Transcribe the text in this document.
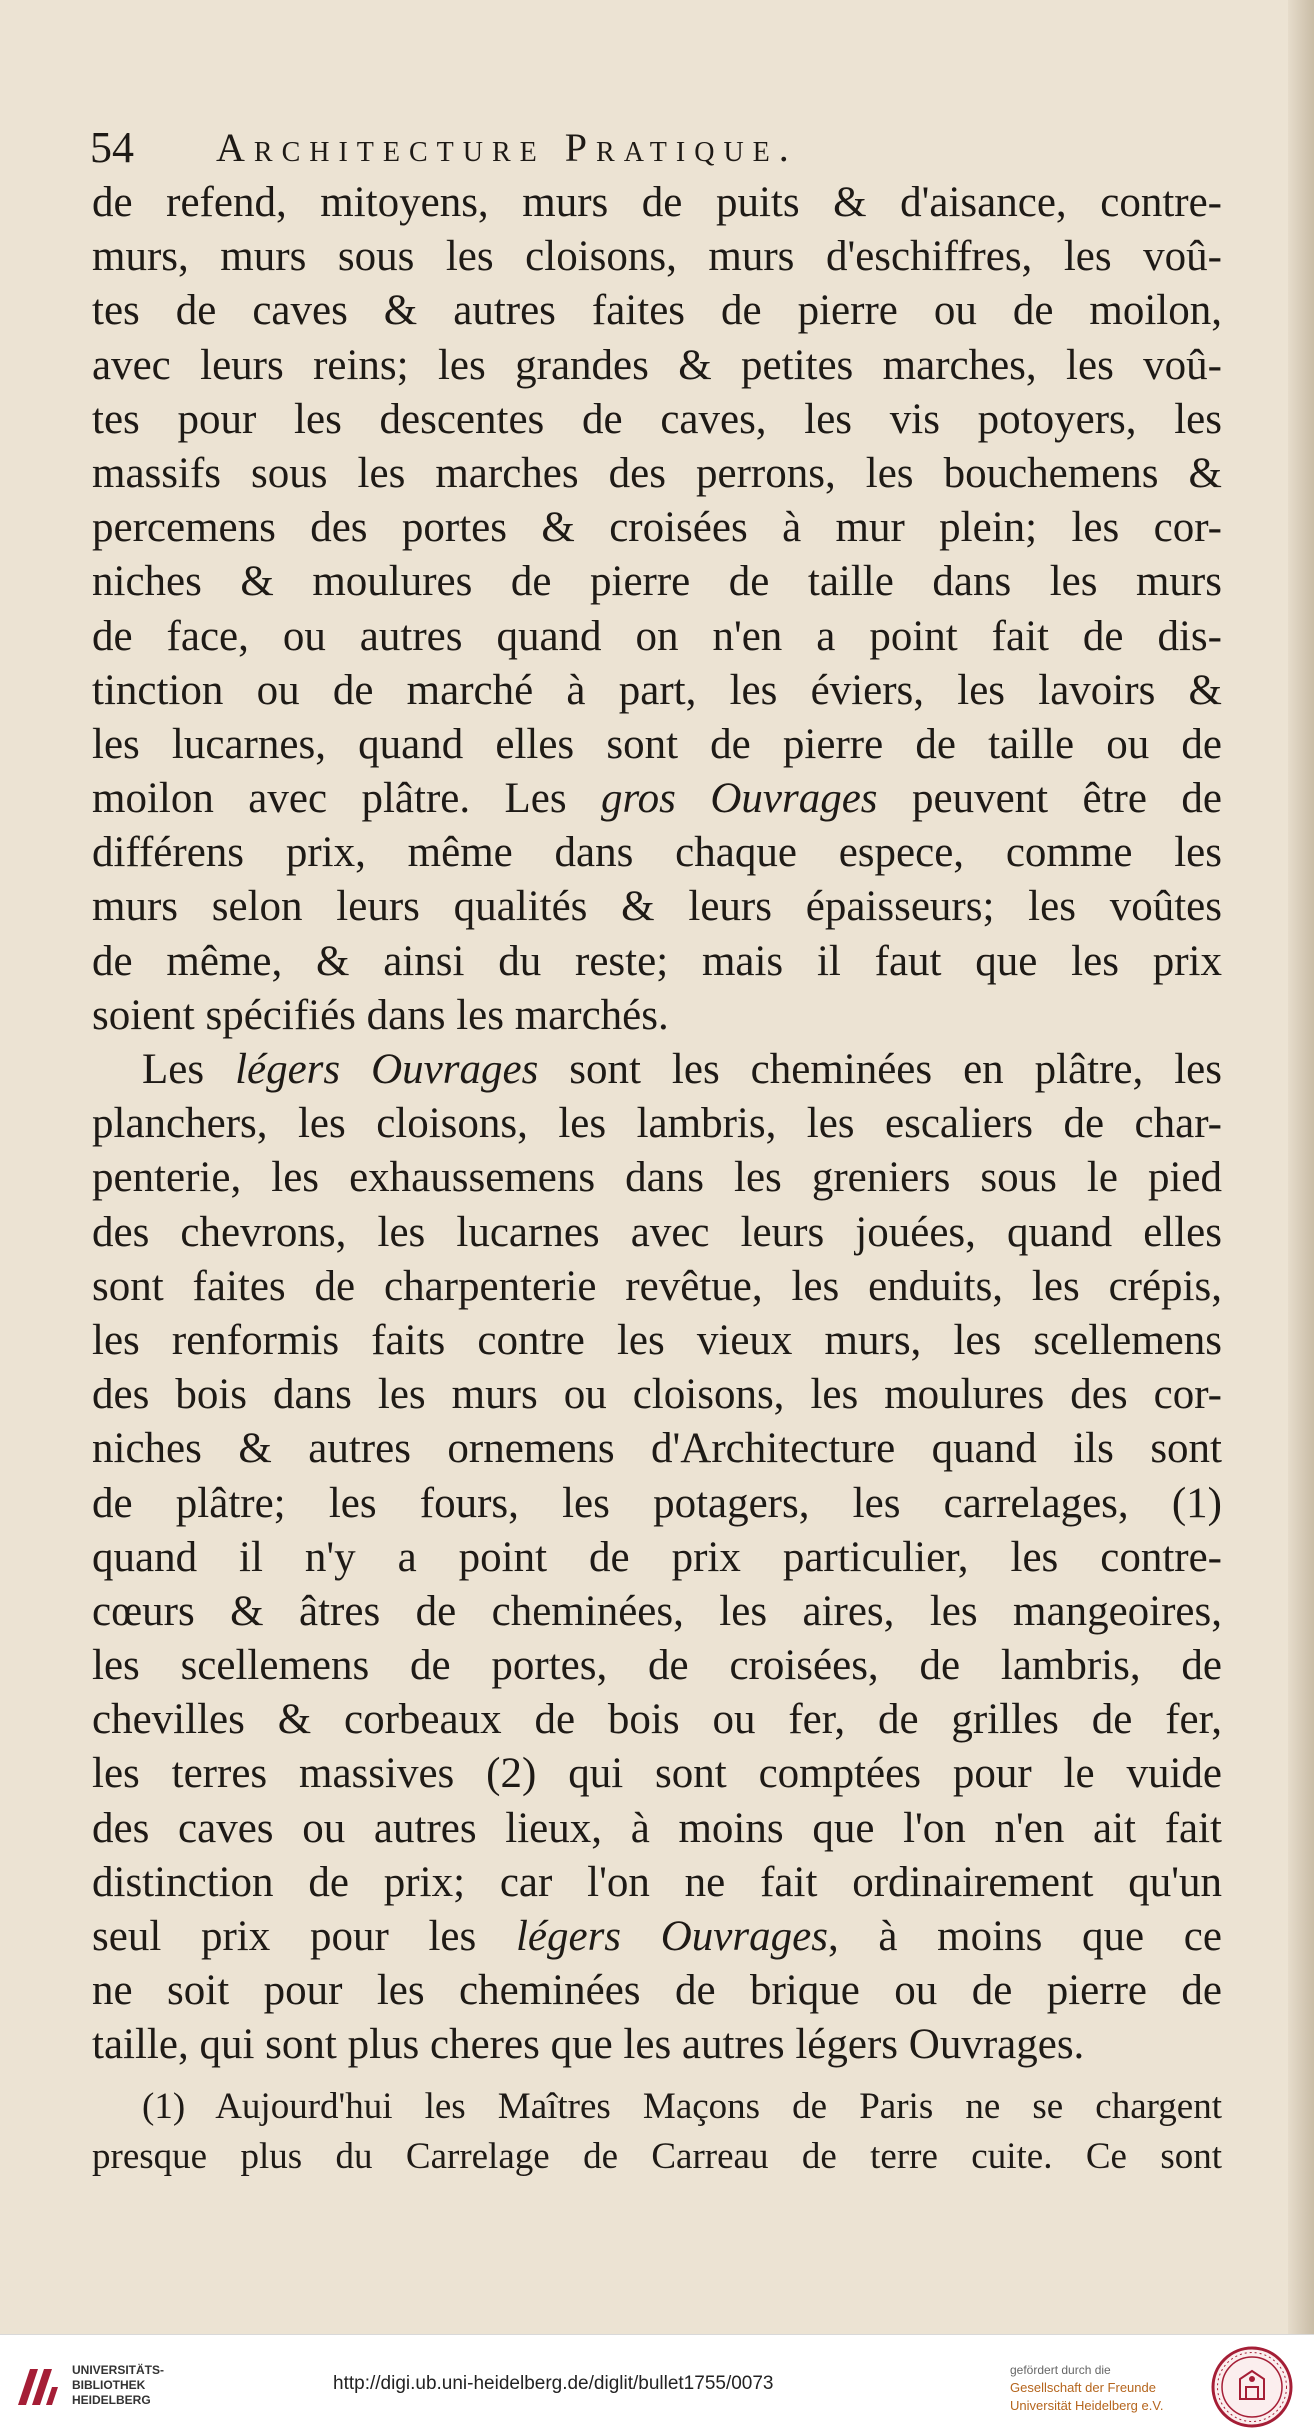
54 Architecture Pratique.
de refend, mitoyens, murs de puits & d'aisance, contre-
murs, murs sous les cloisons, murs d'eschiffres, les voû-
tes de caves & autres faites de pierre ou de moilon,
avec leurs reins; les grandes & petites marches, les voû-
tes pour les descentes de caves, les vis potoyers, les
massifs sous les marches des perrons, les bouchemens &
percemens des portes & croisées à mur plein; les cor-
niches & moulures de pierre de taille dans les murs
de face, ou autres quand on n'en a point fait de dis-
tinction ou de marché à part, les éviers, les lavoirs &
les lucarnes, quand elles sont de pierre de taille ou de
moilon avec plâtre. Les gros Ouvrages peuvent être de
différens prix, même dans chaque espece, comme les
murs selon leurs qualités & leurs épaisseurs; les voûtes
de même, & ainsi du reste; mais il faut que les prix
soient spécifiés dans les marchés.
Les légers Ouvrages sont les cheminées en plâtre, les
planchers, les cloisons, les lambris, les escaliers de char-
penterie, les exhaussemens dans les greniers sous le pied
des chevrons, les lucarnes avec leurs jouées, quand elles
sont faites de charpenterie revêtue, les enduits, les crépis,
les renformis faits contre les vieux murs, les scellemens
des bois dans les murs ou cloisons, les moulures des cor-
niches & autres ornemens d'Architecture quand ils sont
de plâtre; les fours, les potagers, les carrelages, (1)
quand il n'y a point de prix particulier, les contre-
cœurs & âtres de cheminées, les aires, les mangeoires,
les scellemens de portes, de croisées, de lambris, de
chevilles & corbeaux de bois ou fer, de grilles de fer,
les terres massives (2) qui sont comptées pour le vuide
des caves ou autres lieux, à moins que l'on n'en ait fait
distinction de prix; car l'on ne fait ordinairement qu'un
seul prix pour les légers Ouvrages, à moins que ce
ne soit pour les cheminées de brique ou de pierre de
taille, qui sont plus cheres que les autres légers Ouvrages.
(1) Aujourd'hui les Maîtres Maçons de Paris ne se chargent
presque plus du Carrelage de Carreau de terre cuite. Ce sont
UNIVERSITÄTS-
BIBLIOTHEK
HEIDELBERG
http://digi.ub.uni-heidelberg.de/diglit/bullet1755/0073
gefördert durch die
Gesellschaft der Freunde
Universität Heidelberg e.V.
